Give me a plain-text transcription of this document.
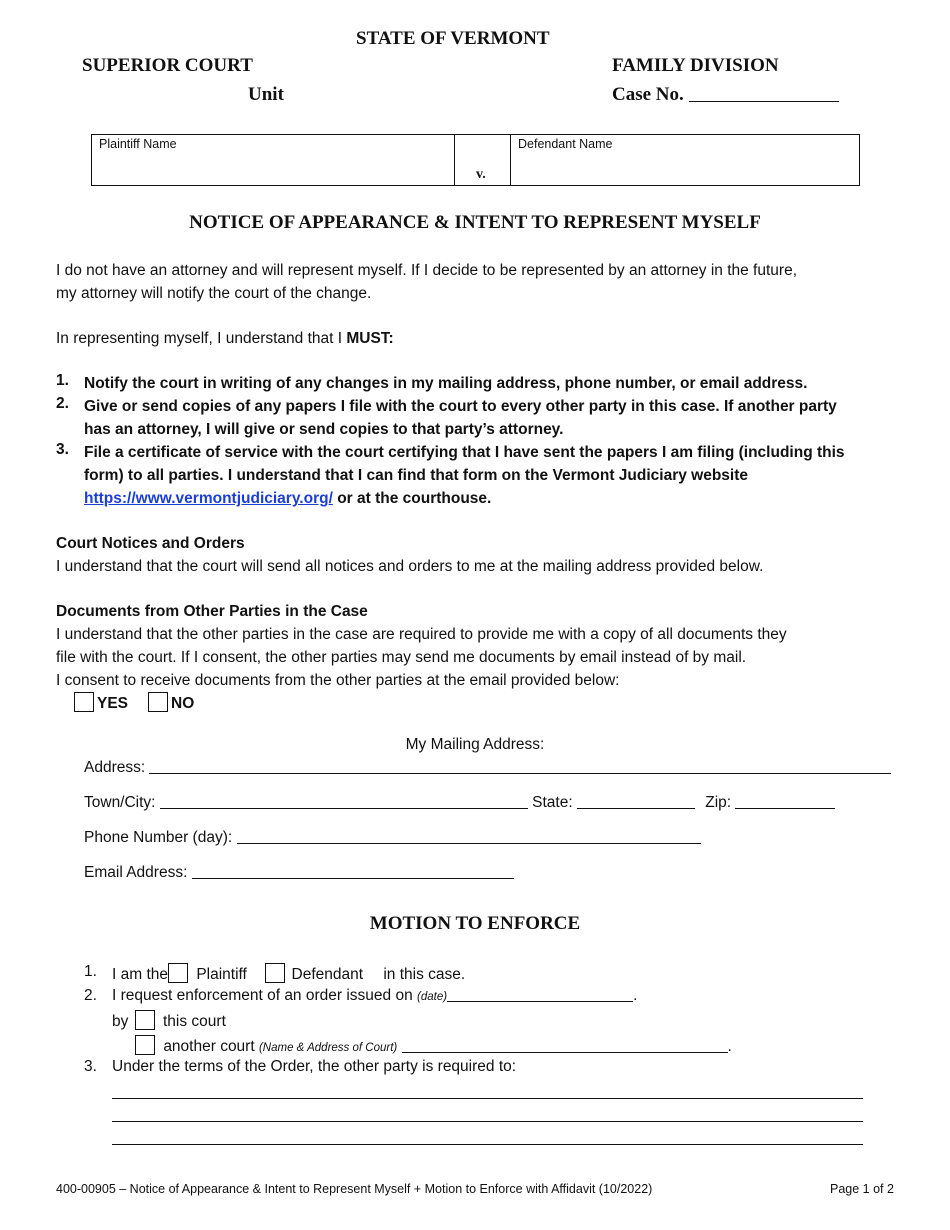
STATE OF VERMONT
SUPERIOR COURT
Unit
FAMILY DIVISION
Case No.
Plaintiff Name
v.
Defendant Name
NOTICE OF APPEARANCE & INTENT TO REPRESENT MYSELF
I do not have an attorney and will represent myself. If I decide to be represented by an attorney in the future,
my attorney will notify the court of the change.
In representing myself, I understand that I MUST:
1. Notify the court in writing of any changes in my mailing address, phone number, or email address.
2. Give or send copies of any papers I file with the court to every other party in this case. If another party
has an attorney, I will give or send copies to that party’s attorney.
3. File a certificate of service with the court certifying that I have sent the papers I am filing (including this
form) to all parties. I understand that I can find that form on the Vermont Judiciary website
https://www.vermontjudiciary.org/ or at the courthouse.
Court Notices and Orders
I understand that the court will send all notices and orders to me at the mailing address provided below.
Documents from Other Parties in the Case
I understand that the other parties in the case are required to provide me with a copy of all documents they
file with the court. If I consent, the other parties may send me documents by email instead of by mail.
I consent to receive documents from the other parties at the email provided below:
YES	NO
My Mailing Address:
Address:
Town/City:	State:	Zip:
Phone Number (day):
Email Address:
MOTION TO ENFORCE
1. I am the Plaintiff	Defendant in this case.
2. I request enforcement of an order issued on (date)	.
by this court
another court (Name & Address of Court)	.
3. Under the terms of the Order, the other party is required to:
400-00905 – Notice of Appearance & Intent to Represent Myself + Motion to Enforce with Affidavit (10/2022)	Page 1 of 2
